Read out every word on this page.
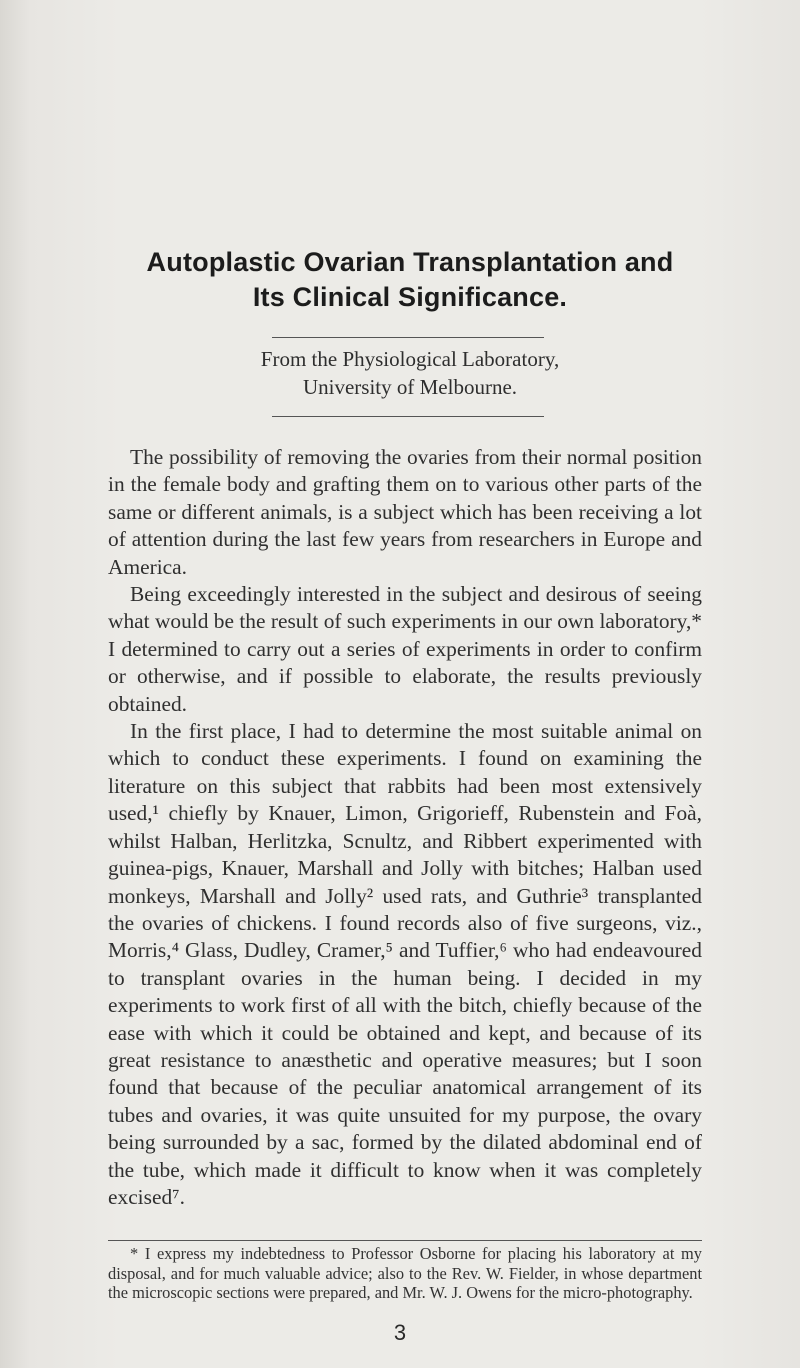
Autoplastic Ovarian Transplantation and
Its Clinical Significance.
From the Physiological Laboratory,
University of Melbourne.

The possibility of removing the ovaries from their normal position in the female body and grafting them on to various other parts of the same or different animals, is a subject which has been receiving a lot of attention during the last few years from researchers in Europe and America.

Being exceedingly interested in the subject and desirous of seeing what would be the result of such experiments in our own laboratory,* I determined to carry out a series of experiments in order to confirm or otherwise, and if possible to elaborate, the results previously obtained.

In the first place, I had to determine the most suitable animal on which to conduct these experiments. I found on examining the literature on this subject that rabbits had been most extensively used,¹ chiefly by Knauer, Limon, Grigorieff, Rubenstein and Foà, whilst Halban, Herlitzka, Scnultz, and Ribbert experimented with guinea-pigs, Knauer, Marshall and Jolly with bitches; Halban used monkeys, Marshall and Jolly² used rats, and Guthrie³ transplanted the ovaries of chickens. I found records also of five surgeons, viz., Morris,⁴ Glass, Dudley, Cramer,⁵ and Tuffier,⁶ who had endeavoured to transplant ovaries in the human being. I decided in my experiments to work first of all with the bitch, chiefly because of the ease with which it could be obtained and kept, and because of its great resistance to anæsthetic and operative measures; but I soon found that because of the peculiar anatomical arrangement of its tubes and ovaries, it was quite unsuited for my purpose, the ovary being surrounded by a sac, formed by the dilated abdominal end of the tube, which made it difficult to know when it was completely excised⁷.

* I express my indebtedness to Professor Osborne for placing his laboratory at my disposal, and for much valuable advice; also to the Rev. W. Fielder, in whose department the microscopic sections were prepared, and Mr. W. J. Owens for the micro-photography.
3
